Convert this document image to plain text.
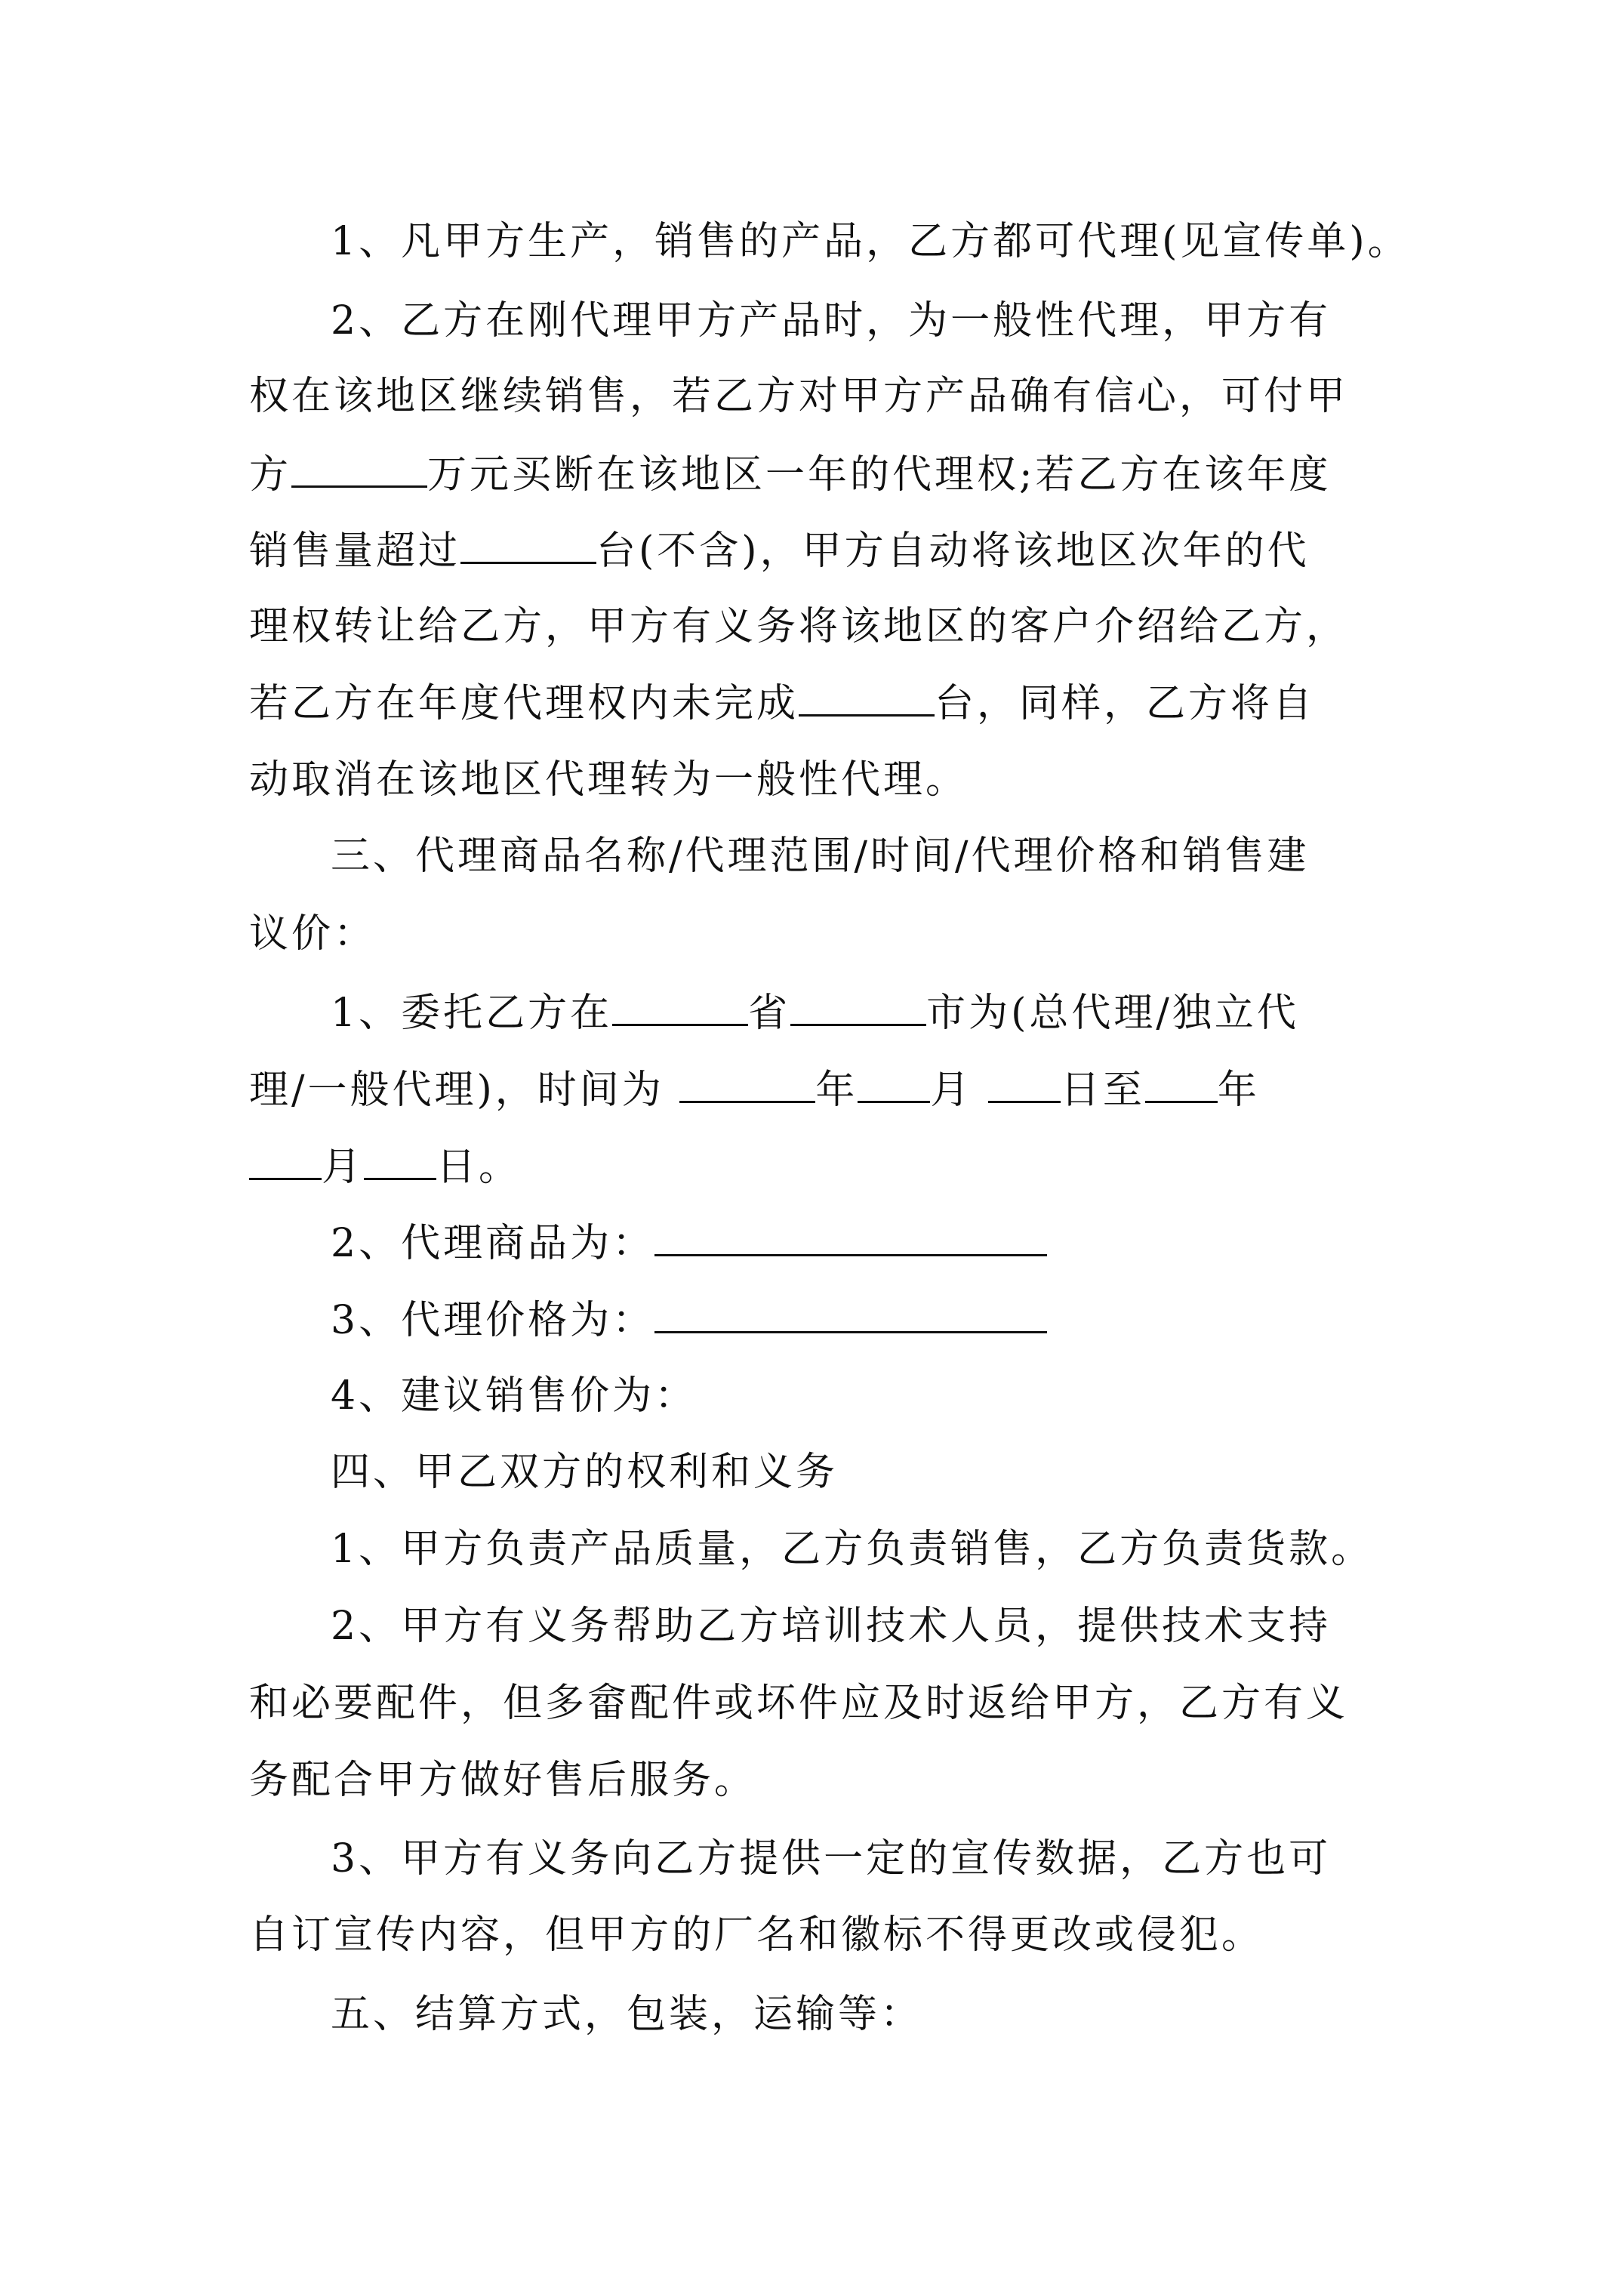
1、凡甲方生产，销售的产品，乙方都可代理(见宣传单)。
2、乙方在刚代理甲方产品时，为一般性代理，甲方有
权在该地区继续销售，若乙方对甲方产品确有信心，可付甲
方	万元买断在该地区一年的代理权;若乙方在该年度
销售量超过	台(不含)，甲方自动将该地区次年的代
理权转让给乙方，甲方有义务将该地区的客户介绍给乙方，
若乙方在年度代理权内未完成	台，同样，乙方将自
动取消在该地区代理转为一般性代理。
三、代理商品名称/代理范围/时间/代理价格和销售建
议价：
1、委托乙方在	省	市为(总代理/独立代
理/一般代理)，时间为	年 月 日至 年
月 日。
2、代理商品为：
3、代理价格为：
4、建议销售价为：
四、甲乙双方的权利和义务
1、甲方负责产品质量，乙方负责销售，乙方负责货款。
2、甲方有义务帮助乙方培训技术人员，提供技术支持
和必要配件，但多畲配件或坏件应及时返给甲方，乙方有义
务配合甲方做好售后服务。
3、甲方有义务向乙方提供一定的宣传数据，乙方也可
自订宣传内容，但甲方的厂名和徽标不得更改或侵犯。
五、结算方式，包装，运输等：
